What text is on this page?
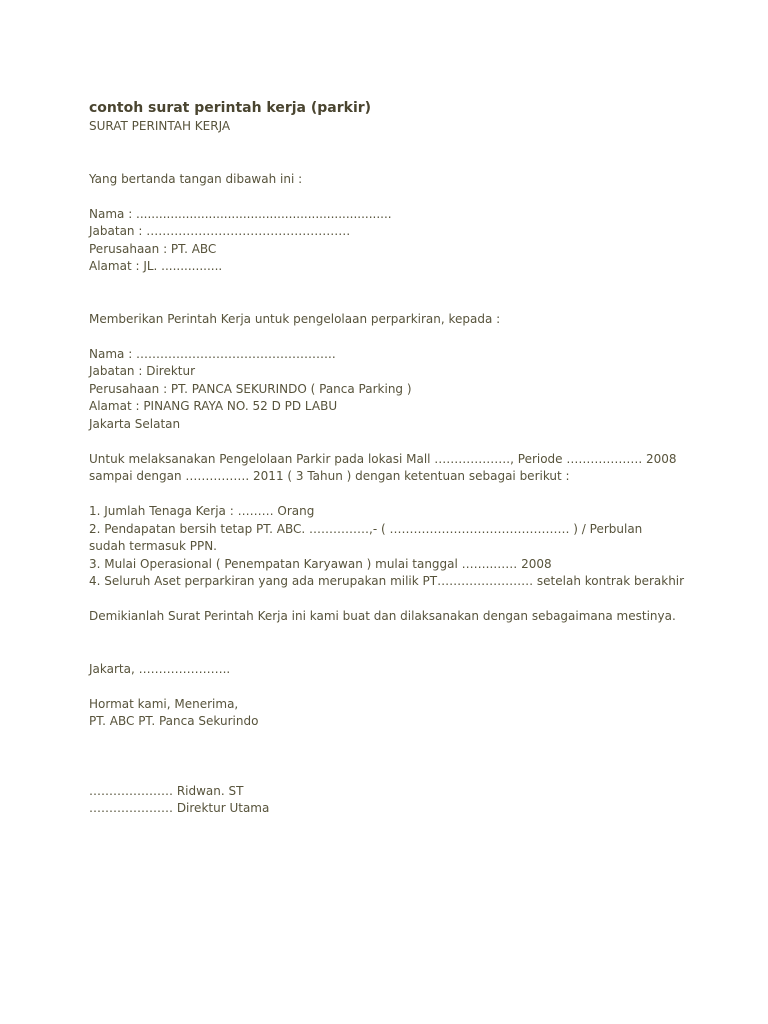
contoh surat perintah kerja (parkir)

SURAT PERINTAH KERJA

Yang bertanda tangan dibawah ini :

Nama : ...................................................................

Jabatan : ……………………………………………

Perusahaan : PT. ABC

Alamat : JL. ................

Memberikan Perintah Kerja untuk pengelolaan perparkiran, kepada :

Nama : …………………………………………..

Jabatan : Direktur

Perusahaan : PT. PANCA SEKURINDO ( Panca Parking )

Alamat : PINANG RAYA NO. 52 D PD LABU

Jakarta Selatan

Untuk melaksanakan Pengelolaan Parkir pada lokasi Mall ………………., Periode ………………. 2008 sampai dengan ……………. 2011 ( 3 Tahun ) dengan ketentuan sebagai berikut :

1. Jumlah Tenaga Kerja : ……… Orang

2. Pendapatan bersih tetap PT. ABC. ……………,- ( ……………………………………… ) / Perbulan sudah termasuk PPN.

3. Mulai Operasional ( Penempatan Karyawan ) mulai tanggal ……..…… 2008

4. Seluruh Aset perparkiran yang ada merupakan milik PT…………………… setelah kontrak berakhir

Demikianlah Surat Perintah Kerja ini kami buat dan dilaksanakan dengan sebagaimana mestinya.

Jakarta, …………………..

Hormat kami, Menerima,

PT. ABC PT. Panca Sekurindo

………………… Ridwan. ST

………………… Direktur Utama
